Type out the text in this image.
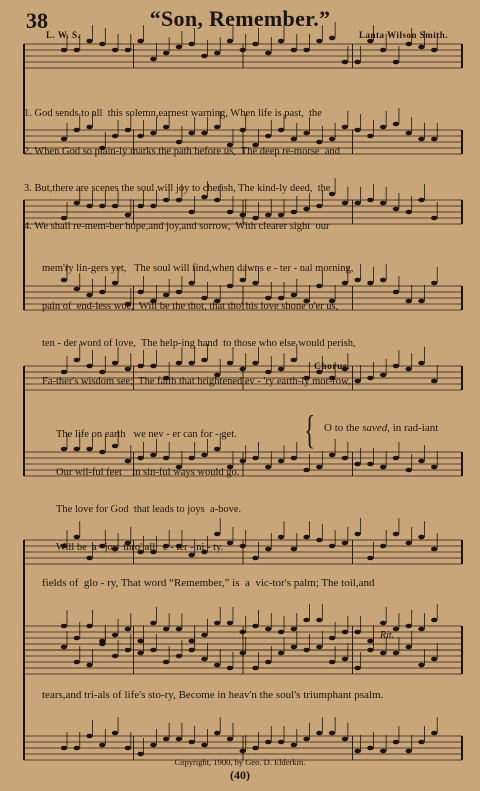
38	“Son, Remember.”
L. W. S.	Lanta Wilson Smith.

1. God sends to all  this solemn,earnest warning, When life is past,  the

2. When God so plain-ly marks the path before us,  The deep re-morse  and

3. But,there are scenes the soul will joy to cherish, The kind-ly deed,  the

4. We shall re-mem-ber hope,and joy,and sorrow,  With clearer sight  our

mem'ry lin-gers yet,   The soul will find,when dawns e - ter - nal morning,

pain of  end-less woe,  Will be the thot, that tho' his love shone o'er us,

ten - der word of love,  The help-ing hand  to those who else would perish,

Fa-ther's wisdom see;  The faith that brightened ev - 'ry earth-ly mor-row,

Chorus.

The life on earth   we nev - er can for - get.

Our wil-ful feet    in sin-ful ways would go.

The love for God  that leads to joys  a-bove.

Will be  a   joy  thro' all   e - ter - ni - ty.

{ O to the saved, in rad-iant
fields of  glo - ry, That word “Remember,” is  a  vic-tor's palm; The toil,and
Rit.
tears,and tri-als of life's sto-ry, Become in heav'n the soul's triumphant psalm.
Copyright, 1900, by Geo. D. Elderkin.
(40)
